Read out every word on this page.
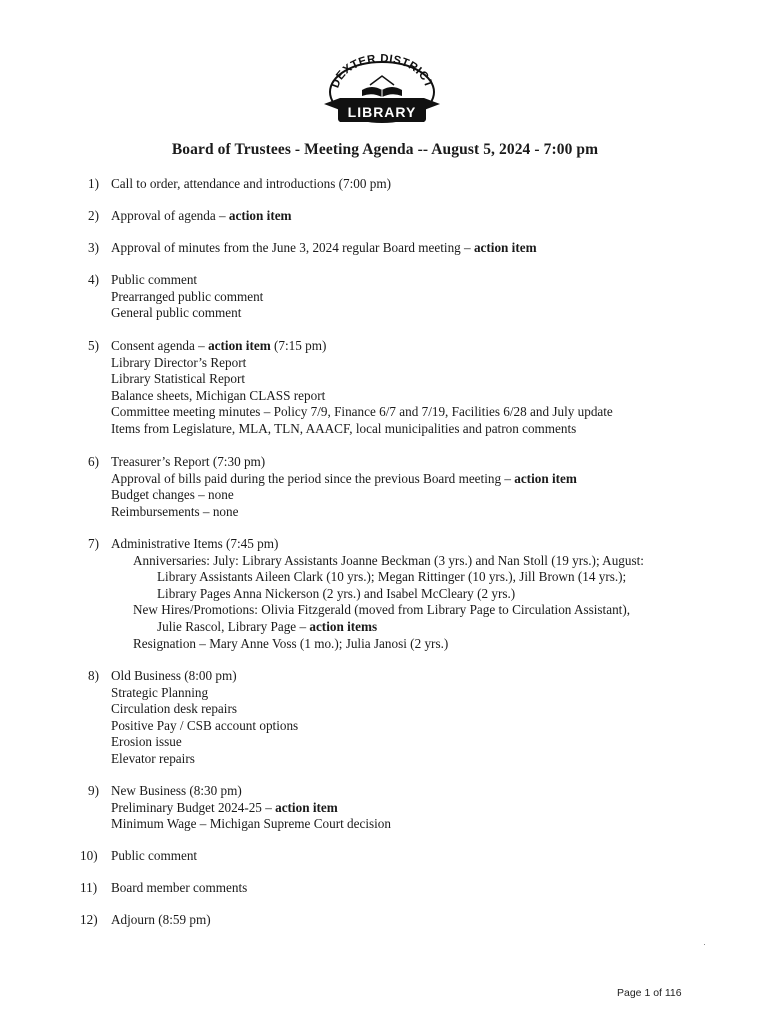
DEXTER DISTRICT
LIBRARY
Board of Trustees - Meeting Agenda -- August 5, 2024 - 7:00 pm
1) Call to order, attendance and introductions (7:00 pm)
2) Approval of agenda – action item
3) Approval of minutes from the June 3, 2024 regular Board meeting – action item
4) Public comment
Prearranged public comment
General public comment
5) Consent agenda – action item (7:15 pm)
Library Director’s Report
Library Statistical Report
Balance sheets, Michigan CLASS report
Committee meeting minutes – Policy 7/9, Finance 6/7 and 7/19, Facilities 6/28 and July update
Items from Legislature, MLA, TLN, AAACF, local municipalities and patron comments
6) Treasurer’s Report (7:30 pm)
Approval of bills paid during the period since the previous Board meeting – action item
Budget changes – none
Reimbursements – none
7) Administrative Items (7:45 pm)
Anniversaries: July: Library Assistants Joanne Beckman (3 yrs.) and Nan Stoll (19 yrs.); August:
Library Assistants Aileen Clark (10 yrs.); Megan Rittinger (10 yrs.), Jill Brown (14 yrs.);
Library Pages Anna Nickerson (2 yrs.) and Isabel McCleary (2 yrs.)
New Hires/Promotions: Olivia Fitzgerald (moved from Library Page to Circulation Assistant),
Julie Rascol, Library Page – action items
Resignation – Mary Anne Voss (1 mo.); Julia Janosi (2 yrs.)
8) Old Business (8:00 pm)
Strategic Planning
Circulation desk repairs
Positive Pay / CSB account options
Erosion issue
Elevator repairs
9) New Business (8:30 pm)
Preliminary Budget 2024-25 – action item
Minimum Wage – Michigan Supreme Court decision
10) Public comment
11) Board member comments
12) Adjourn (8:59 pm)
Page 1 of 116
